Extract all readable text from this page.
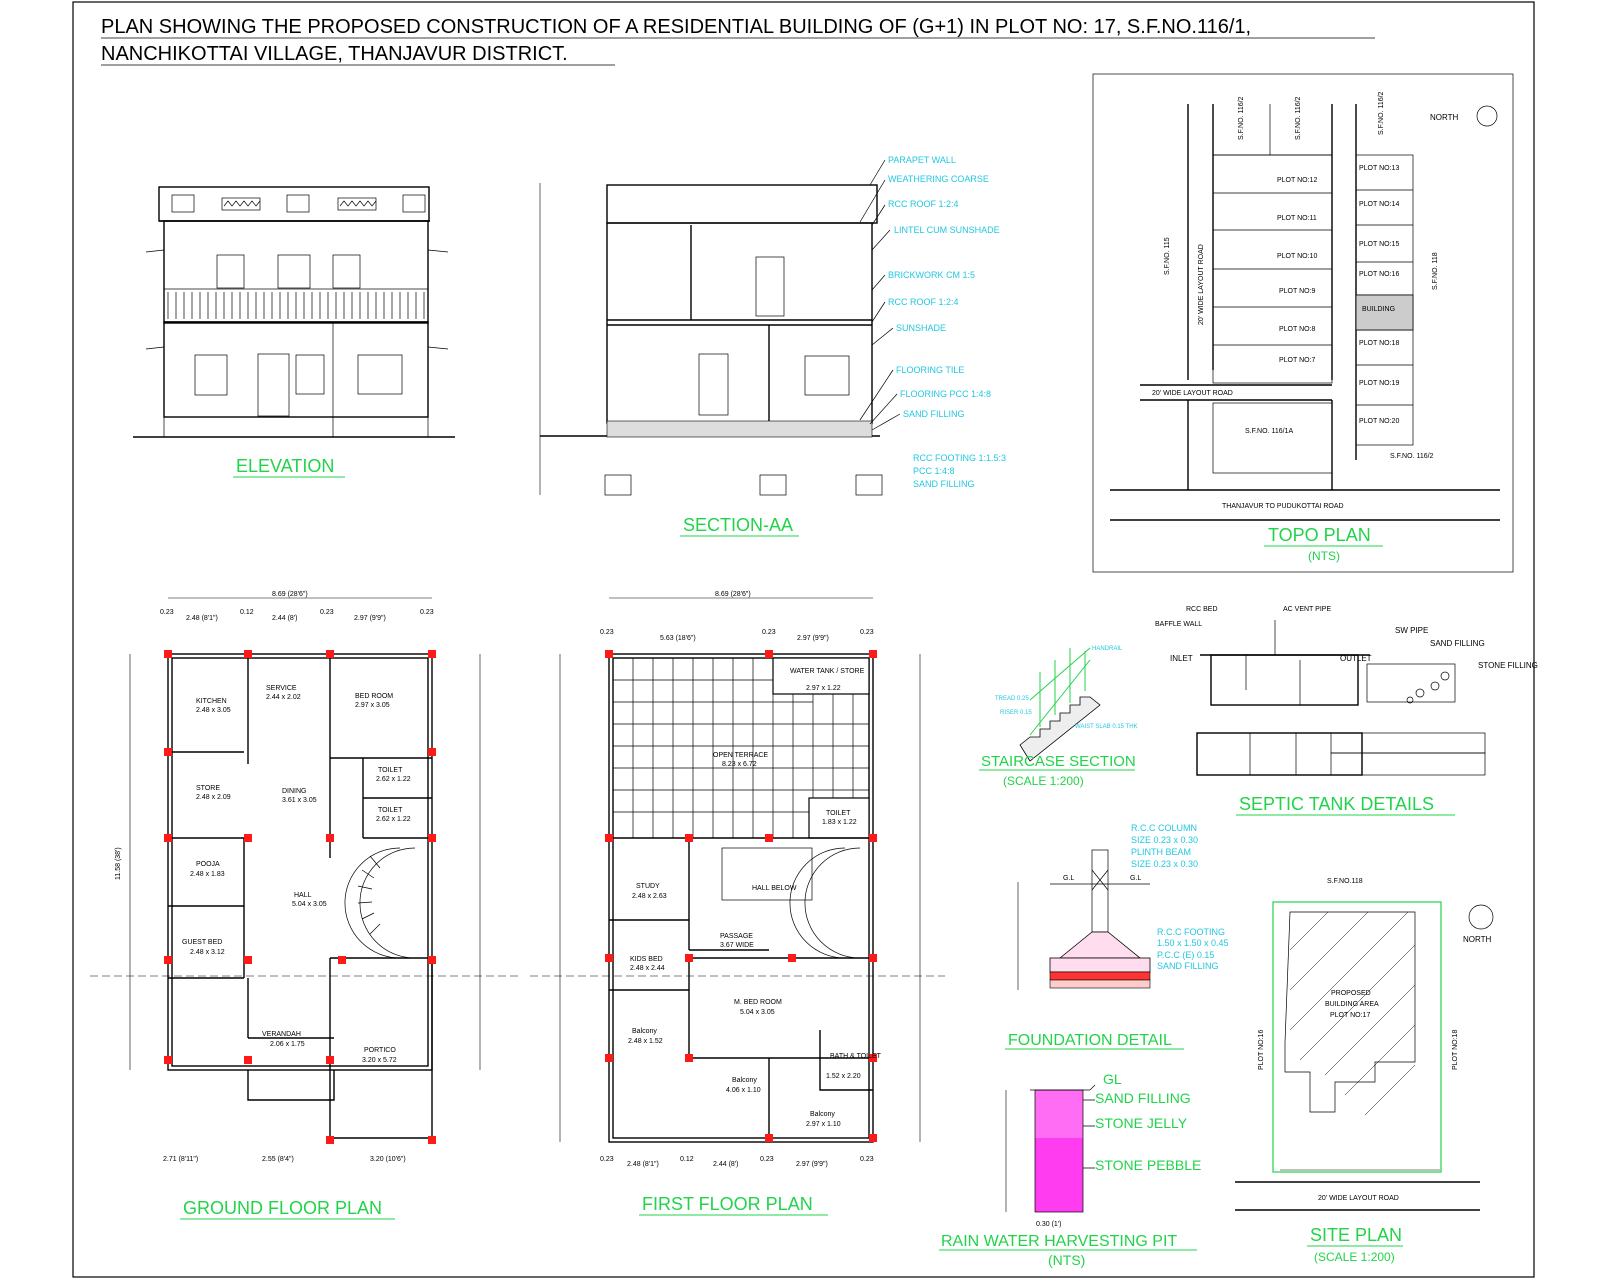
PLAN SHOWING THE PROPOSED CONSTRUCTION OF A RESIDENTIAL BUILDING OF (G+1) IN PLOT NO: 17, S.F.NO.116/1,
NANCHIKOTTAI VILLAGE, THANJAVUR DISTRICT.
ELEVATION
PARAPET WALL
WEATHERING COARSE
RCC ROOF 1:2:4
LINTEL CUM SUNSHADE
BRICKWORK CM 1:5
RCC ROOF 1:2:4
SUNSHADE
FLOORING TILE
FLOORING PCC 1:4:8
SAND FILLING
RCC FOOTING 1:1.5:3
PCC 1:4:8
SAND FILLING
SECTION-AA
NORTH
S.F.NO. 116/2	S.F.NO. 116/2	S.F.NO. 116/2
S.F.NO. 115	S.F.NO. 118
20' WIDE LAYOUT ROAD
20' WIDE LAYOUT ROAD
THANJAVUR TO PUDUKOTTAI ROAD
S.F.NO. 116/1A
S.F.NO. 116/2
PLOT NO:12
PLOT NO:11
PLOT NO:10
PLOT NO:9
PLOT NO:8
PLOT NO:7
PLOT NO:13
PLOT NO:14
PLOT NO:15
PLOT NO:16
BUILDING
PLOT NO:18
PLOT NO:19
PLOT NO:20
TOPO PLAN
(NTS)
KITCHEN
2.48 x 3.05
SERVICE
2.44 x 2.02	BED ROOM
2.97 x 3.05
STORE
2.48 x 2.09
DINING
3.61 x 3.05
TOILET
2.62 x 1.22
TOILET
2.62 x 1.22
POOJA
2.48 x 1.83
HALL
5.04 x 3.05
GUEST BED
2.48 x 3.12
VERANDAH
2.06 x 1.75
PORTICO
3.20 x 5.72
8.69 (28'6")
0.23
2.48 (8'1")
0.12
2.44 (8')
0.23
2.97 (9'9")
0.23
2.71 (8'11")	2.55 (8'4")	3.20 (10'6")
11.58 (38')
GROUND FLOOR PLAN
WATER TANK / STORE
2.97 x 1.22
OPEN TERRACE
8.23 x 6.72
TOILET
1.83 x 1.22
STUDY
2.48 x 2.63
HALL BELOW
PASSAGE
3.67 WIDE
KIDS BED
2.48 x 2.44
M. BED ROOM
5.04 x 3.05
Balcony
2.48 x 1.52
BATH & TOILET
1.52 x 2.20
Balcony
4.06 x 1.10
Balcony
2.97 x 1.10
8.69 (28'6")
0.23
5.63 (18'6")
0.23
2.97 (9'9")
0.23
0.23
2.48 (8'1")
0.12
2.44 (8')
0.23
2.97 (9'9")
0.23
FIRST FLOOR PLAN
HANDRAIL
TREAD 0.25
RISER 0.15
WAIST SLAB 0.15 THK
STAIRCASE SECTION
(SCALE 1:200)
RCC BED	AC VENT PIPE
BAFFLE WALL
SW PIPE
INLET	OUTLET
SAND FILLING
STONE FILLING
SEPTIC TANK DETAILS
R.C.C COLUMN
SIZE 0.23 x 0.30
PLINTH BEAM
SIZE 0.23 x 0.30
G.L	G.L
R.C.C FOOTING
1.50 x 1.50 x 0.45
P.C.C (E) 0.15
SAND FILLING
FOUNDATION DETAIL
GL
SAND FILLING
STONE JELLY
STONE PEBBLE
0.30 (1')
RAIN WATER HARVESTING PIT
(NTS)
S.F.NO.118
20' WIDE LAYOUT ROAD
PLOT NO:16	PLOT NO:18
PROPOSED
BUILDING AREA
PLOT NO:17
NORTH
SITE PLAN
(SCALE 1:200)
